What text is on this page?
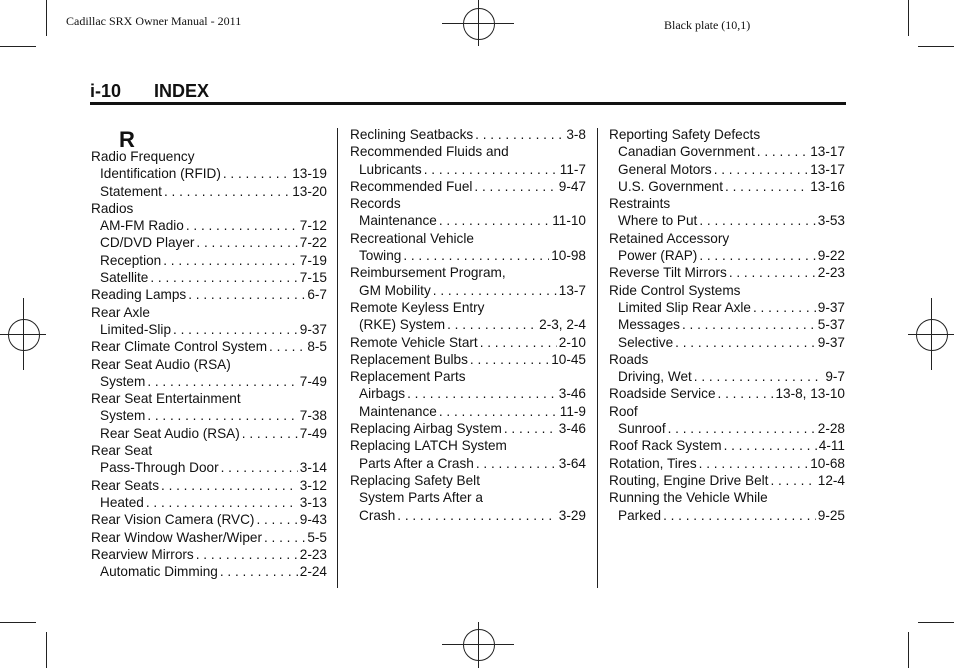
Cadillac SRX Owner Manual - 2011	Black plate (10,1)
i-10 INDEX
R
Radio Frequency
Identification (RFID) . . .	13-19
Statement . . .	13-20
Radios
AM-FM Radio . . .	7-12
CD/DVD Player . . .	7-22
Reception . . .	7-19
Satellite . . .	7-15
Reading Lamps . . .	6-7
Rear Axle
Limited-Slip . . .	9-37
Rear Climate Control System . . .	8-5
Rear Seat Audio (RSA)
System . . .	7-49
Rear Seat Entertainment
System . . .	7-38
Rear Seat Audio (RSA) . . .	7-49
Rear Seat
Pass-Through Door . . .	3-14
Rear Seats . . .	3-12
Heated . . .	3-13
Rear Vision Camera (RVC) . . .	9-43
Rear Window Washer/Wiper . . .	5-5
Rearview Mirrors . . .	2-23
Automatic Dimming . . .	2-24
Reclining Seatbacks . . .	3-8
Recommended Fluids and
Lubricants . . .	11-7
Recommended Fuel . . .	9-47
Records
Maintenance . . .	11-10
Recreational Vehicle
Towing . . .	10-98
Reimbursement Program,
GM Mobility . . .	13-7
Remote Keyless Entry
(RKE) System . . .	2-3, 2-4
Remote Vehicle Start . . .	2-10
Replacement Bulbs . . .	10-45
Replacement Parts
Airbags . . .	3-46
Maintenance . . .	11-9
Replacing Airbag System . . .	3-46
Replacing LATCH System
Parts After a Crash . . .	3-64
Replacing Safety Belt
System Parts After a
Crash . . .	3-29
Reporting Safety Defects
Canadian Government . . .	13-17
General Motors . . .	13-17
U.S. Government . . .	13-16
Restraints
Where to Put . . .	3-53
Retained Accessory
Power (RAP) . . .	9-22
Reverse Tilt Mirrors . . .	2-23
Ride Control Systems
Limited Slip Rear Axle . . .	9-37
Messages . . .	5-37
Selective . . .	9-37
Roads
Driving, Wet . . .	9-7
Roadside Service . . .	13-8, 13-10
Roof
Sunroof . . .	2-28
Roof Rack System . . .	4-11
Rotation, Tires . . .	10-68
Routing, Engine Drive Belt . . .	12-4
Running the Vehicle While
Parked . . .	9-25
